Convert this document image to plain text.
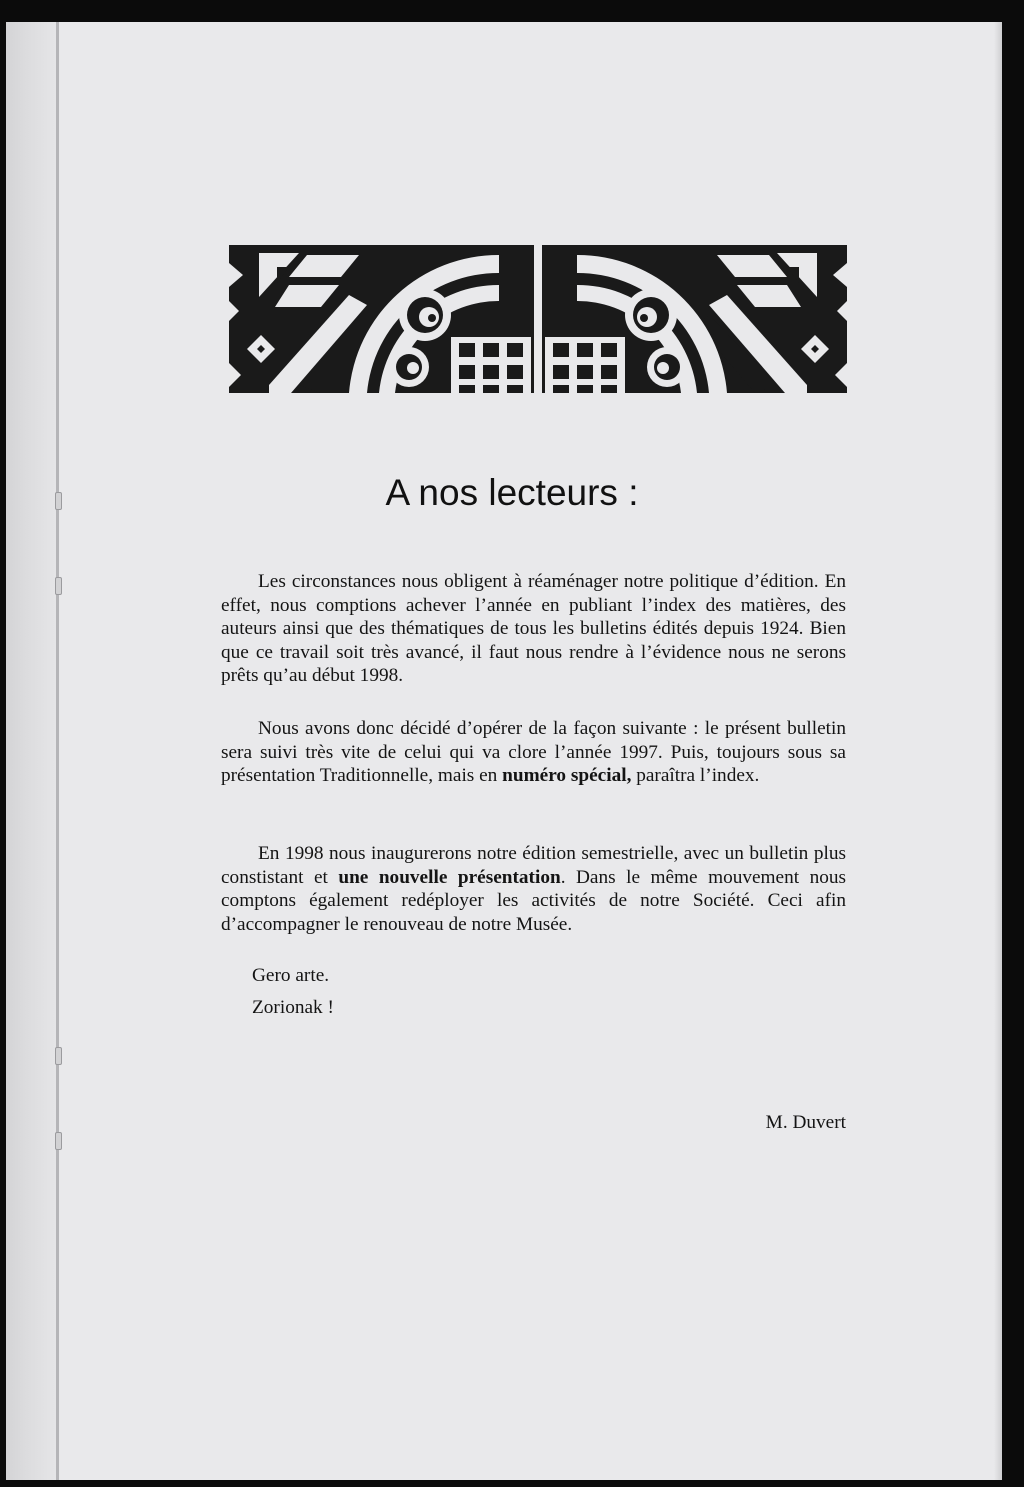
A nos lecteurs :

Les circonstances nous obligent à réaménager notre politique d’édition. En effet, nous comptions achever l’année en publiant l’index des matières, des auteurs ainsi que des thématiques de tous les bulletins édités depuis 1924. Bien que ce travail soit très avancé, il faut nous rendre à l’évidence nous ne serons prêts qu’au début 1998.

Nous avons donc décidé d’opérer de la façon suivante : le présent bulletin sera suivi très vite de celui qui va clore l’année 1997. Puis, toujours sous sa présentation Traditionnelle, mais en numéro spécial, paraîtra l’index.

En 1998 nous inaugurerons notre édition semestrielle, avec un bulletin plus constistant et une nouvelle présentation. Dans le même mouvement nous comptons également redéployer les activités de notre Société. Ceci afin d’accompagner le renouveau de notre Musée.

Gero arte.
Zorionak !
M. Duvert
